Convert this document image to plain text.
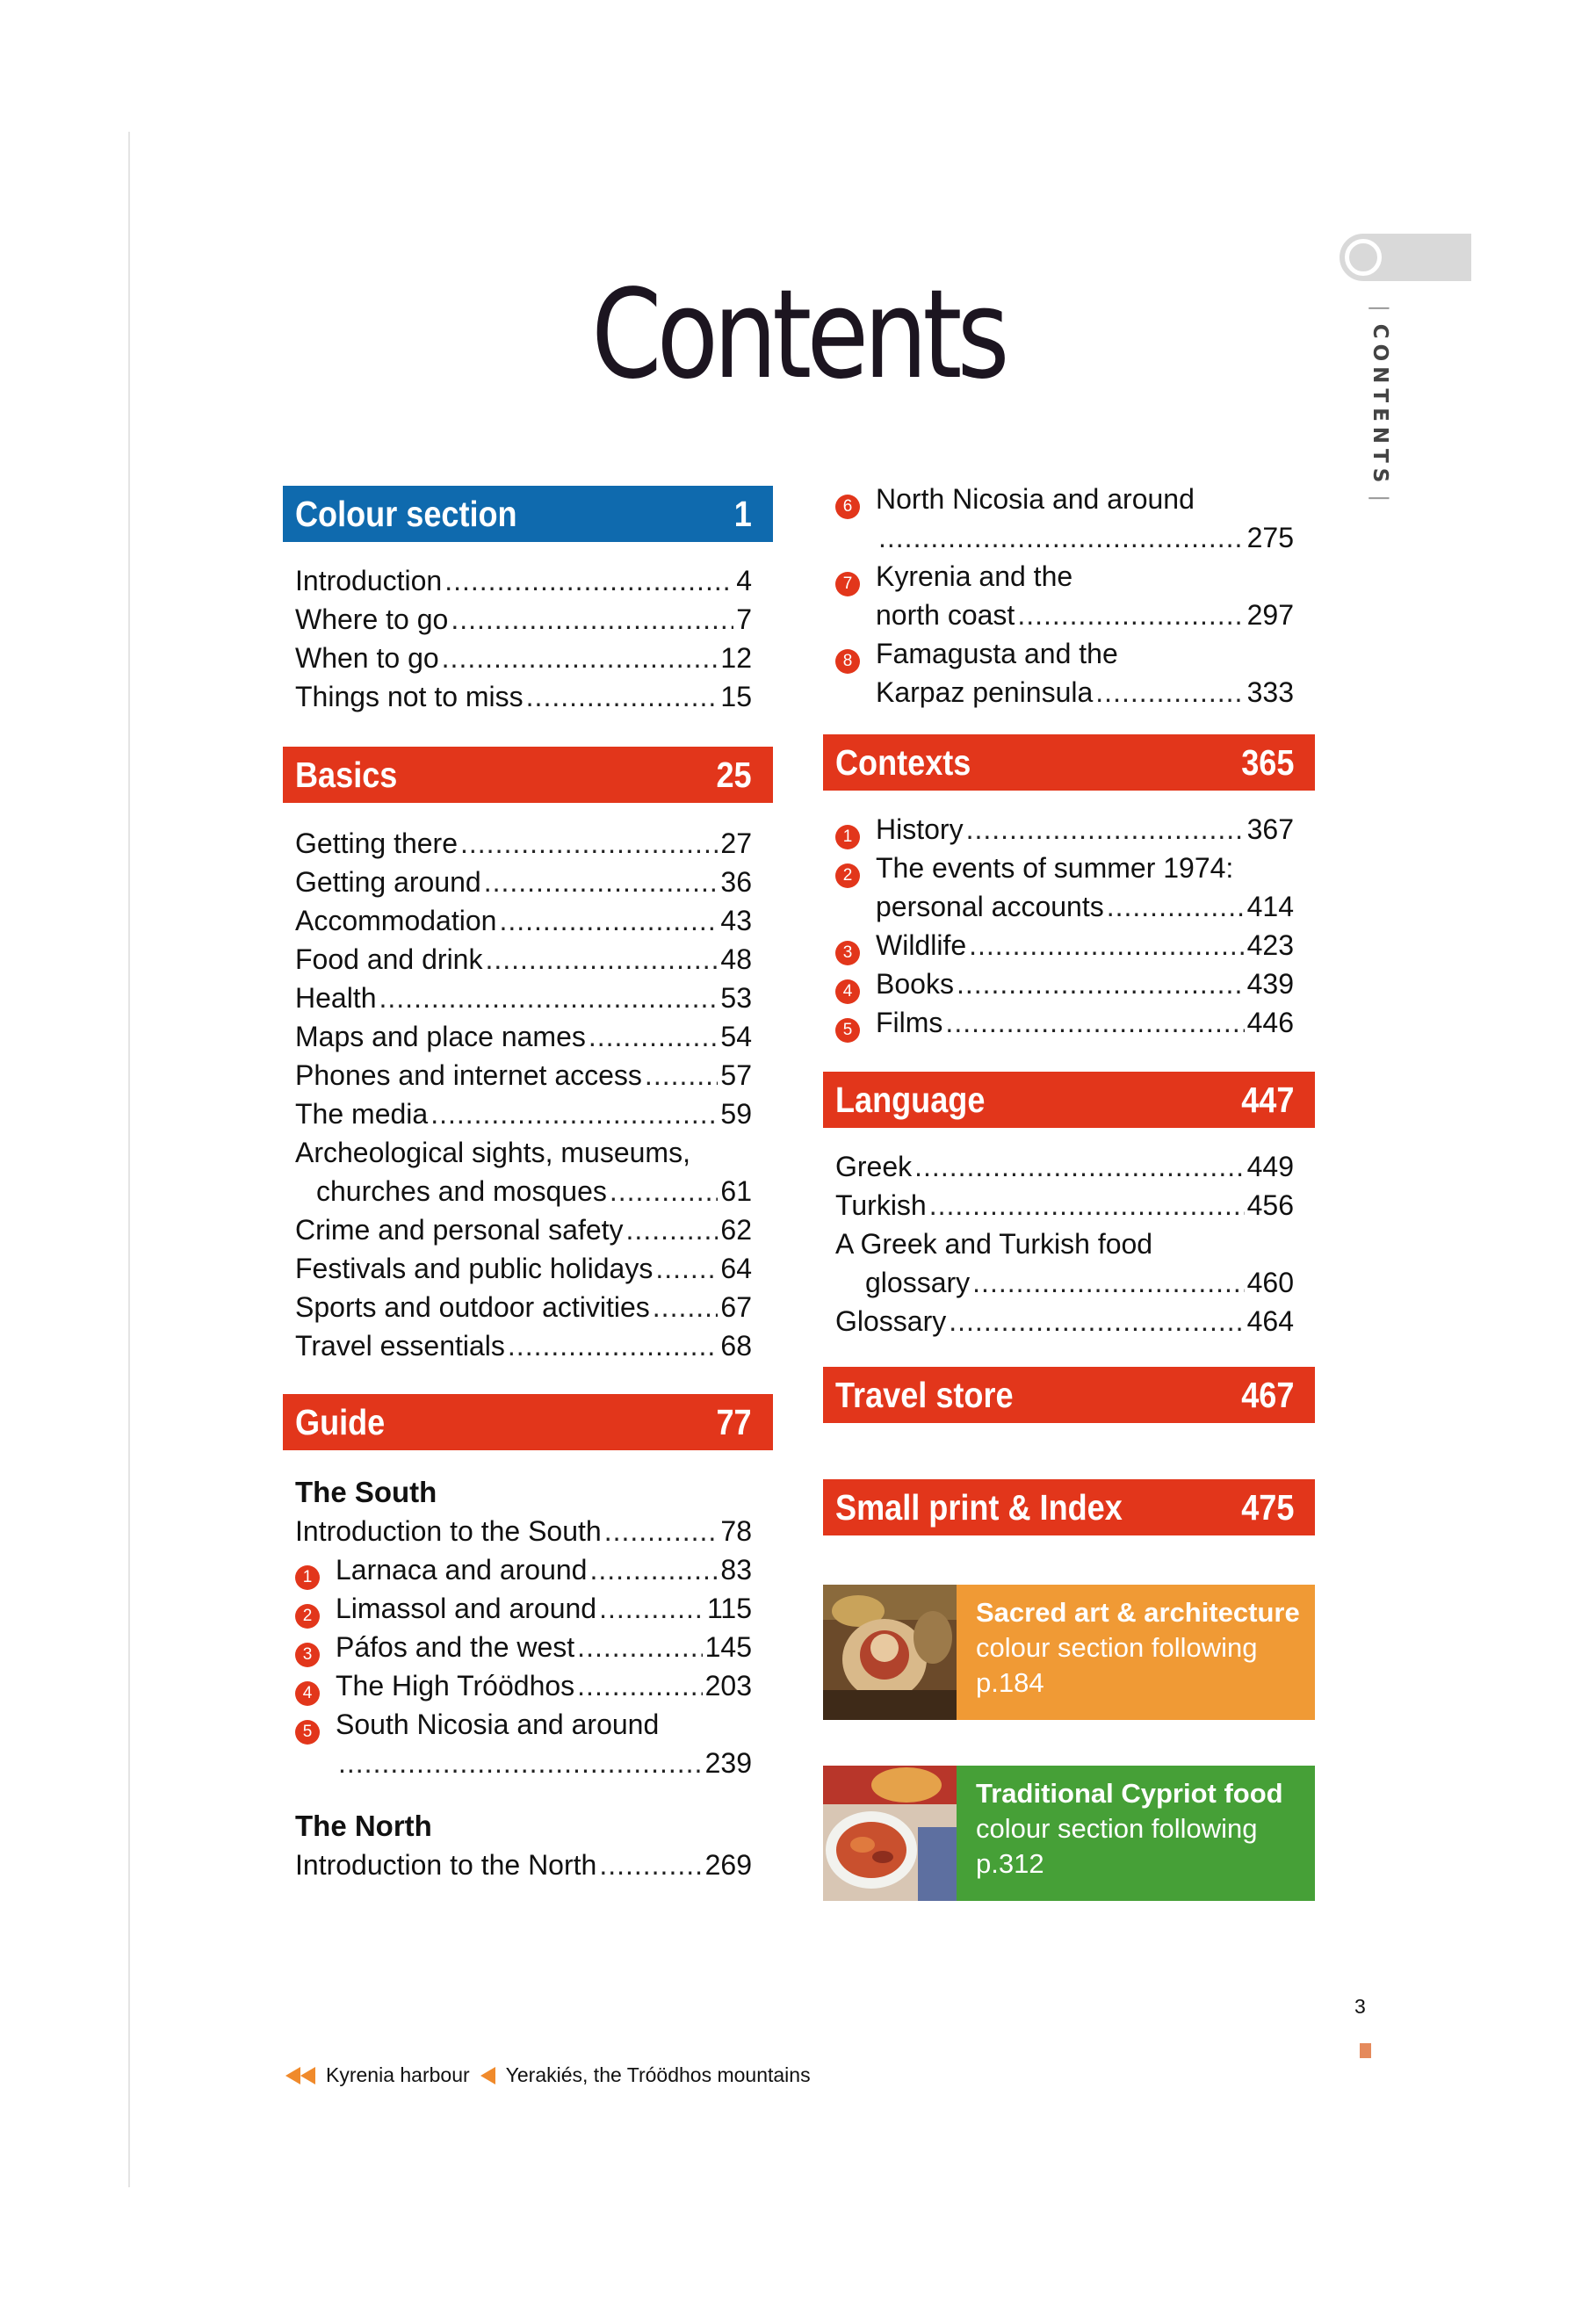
| CONTENTS |
Contents
Colour section	1
Introduction .....	4
Where to go .....	7
When to go .....	12
Things not to miss .....	15
Basics	25
Getting there .....	27
Getting around .....	36
Accommodation .....	43
Food and drink .....	48
Health .....	53
Maps and place names .....	54
Phones and internet access .....	57
The media .....	59
Archeological sights, museums,
churches and mosques .....	61
Crime and personal safety .....	62
Festivals and public holidays ..... 64
Sports and outdoor activities .....	67
Travel essentials .....	68
Guide	77
The South
Introduction to the South .....	78
1 Larnaca and around .....	83
2 Limassol and around .....	115
3 Páfos and the west .....	145
4 The High Tróödhos .....	203
5 South Nicosia and around
.....
239
The North
Introduction to the North .....	269
6 North Nicosia and around
.....
275
7 Kyrenia and the
north coast .....	297
8 Famagusta and the
Karpaz peninsula .....	333
Contexts	365
1 History .....	367
2 The events of summer 1974:
personal accounts .....	414
3 Wildlife .....	423
4 Books .....	439
5 Films .....	446
Language	447
Greek .....	449
Turkish .....	456
A Greek and Turkish food
glossary .....	460
Glossary .....	464
Travel store	467
Small print & Index	475
Sacred art & architecture colour section following p.184
Traditional Cypriot food colour section following p.312
3
Kyrenia harbour Yerakiés, the Tróödhos mountains
